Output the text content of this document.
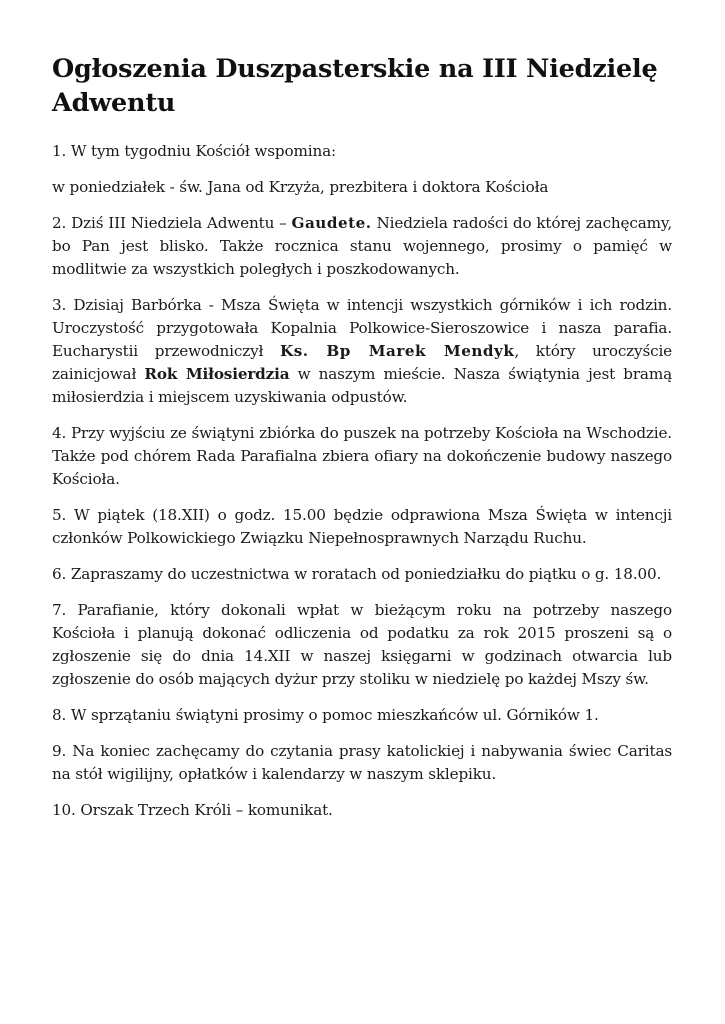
Ogłoszenia Duszpasterskie na III Niedzielę Adwentu

1. W tym tygodniu Kościół wspomina:

w poniedziałek - św. Jana od Krzyża, prezbitera i doktora Kościoła

2. Dziś III Niedziela Adwentu – Gaudete. Niedziela radości do której zachęcamy, bo Pan jest blisko. Także rocznica stanu wojennego, prosimy o pamięć w modlitwie za wszystkich poległych i poszkodowanych.

3. Dzisiaj Barbórka - Msza Święta w intencji wszystkich górników i ich rodzin. Uroczystość przygotowała Kopalnia Polkowice-Sieroszowice i nasza parafia. Eucharystii przewodniczył Ks. Bp Marek Mendyk, który uroczyście zainicjował Rok Miłosierdzia w naszym mieście. Nasza świątynia jest bramą miłosierdzia i miejscem uzyskiwania odpustów.

4. Przy wyjściu ze świątyni zbiórka do puszek na potrzeby Kościoła na Wschodzie. Także pod chórem Rada Parafialna zbiera ofiary na dokończenie budowy naszego Kościoła.

5. W piątek (18.XII) o godz. 15.00 będzie odprawiona Msza Święta w intencji członków Polkowickiego Związku Niepełnosprawnych Narządu Ruchu.

6. Zapraszamy do uczestnictwa w roratach od poniedziałku do piątku o g. 18.00.

7. Parafianie, który dokonali wpłat w bieżącym roku na potrzeby naszego Kościoła i planują dokonać odliczenia od podatku za rok 2015 proszeni są o zgłoszenie się do dnia 14.XII w naszej księgarni w godzinach otwarcia lub zgłoszenie do osób mających dyżur przy stoliku w niedzielę po każdej Mszy św.

8. W sprzątaniu świątyni prosimy o pomoc mieszkańców ul. Górników 1.

9. Na koniec zachęcamy do czytania prasy katolickiej i nabywania świec Caritas na stół wigilijny, opłatków i kalendarzy w naszym sklepiku.

10. Orszak Trzech Króli – komunikat.
